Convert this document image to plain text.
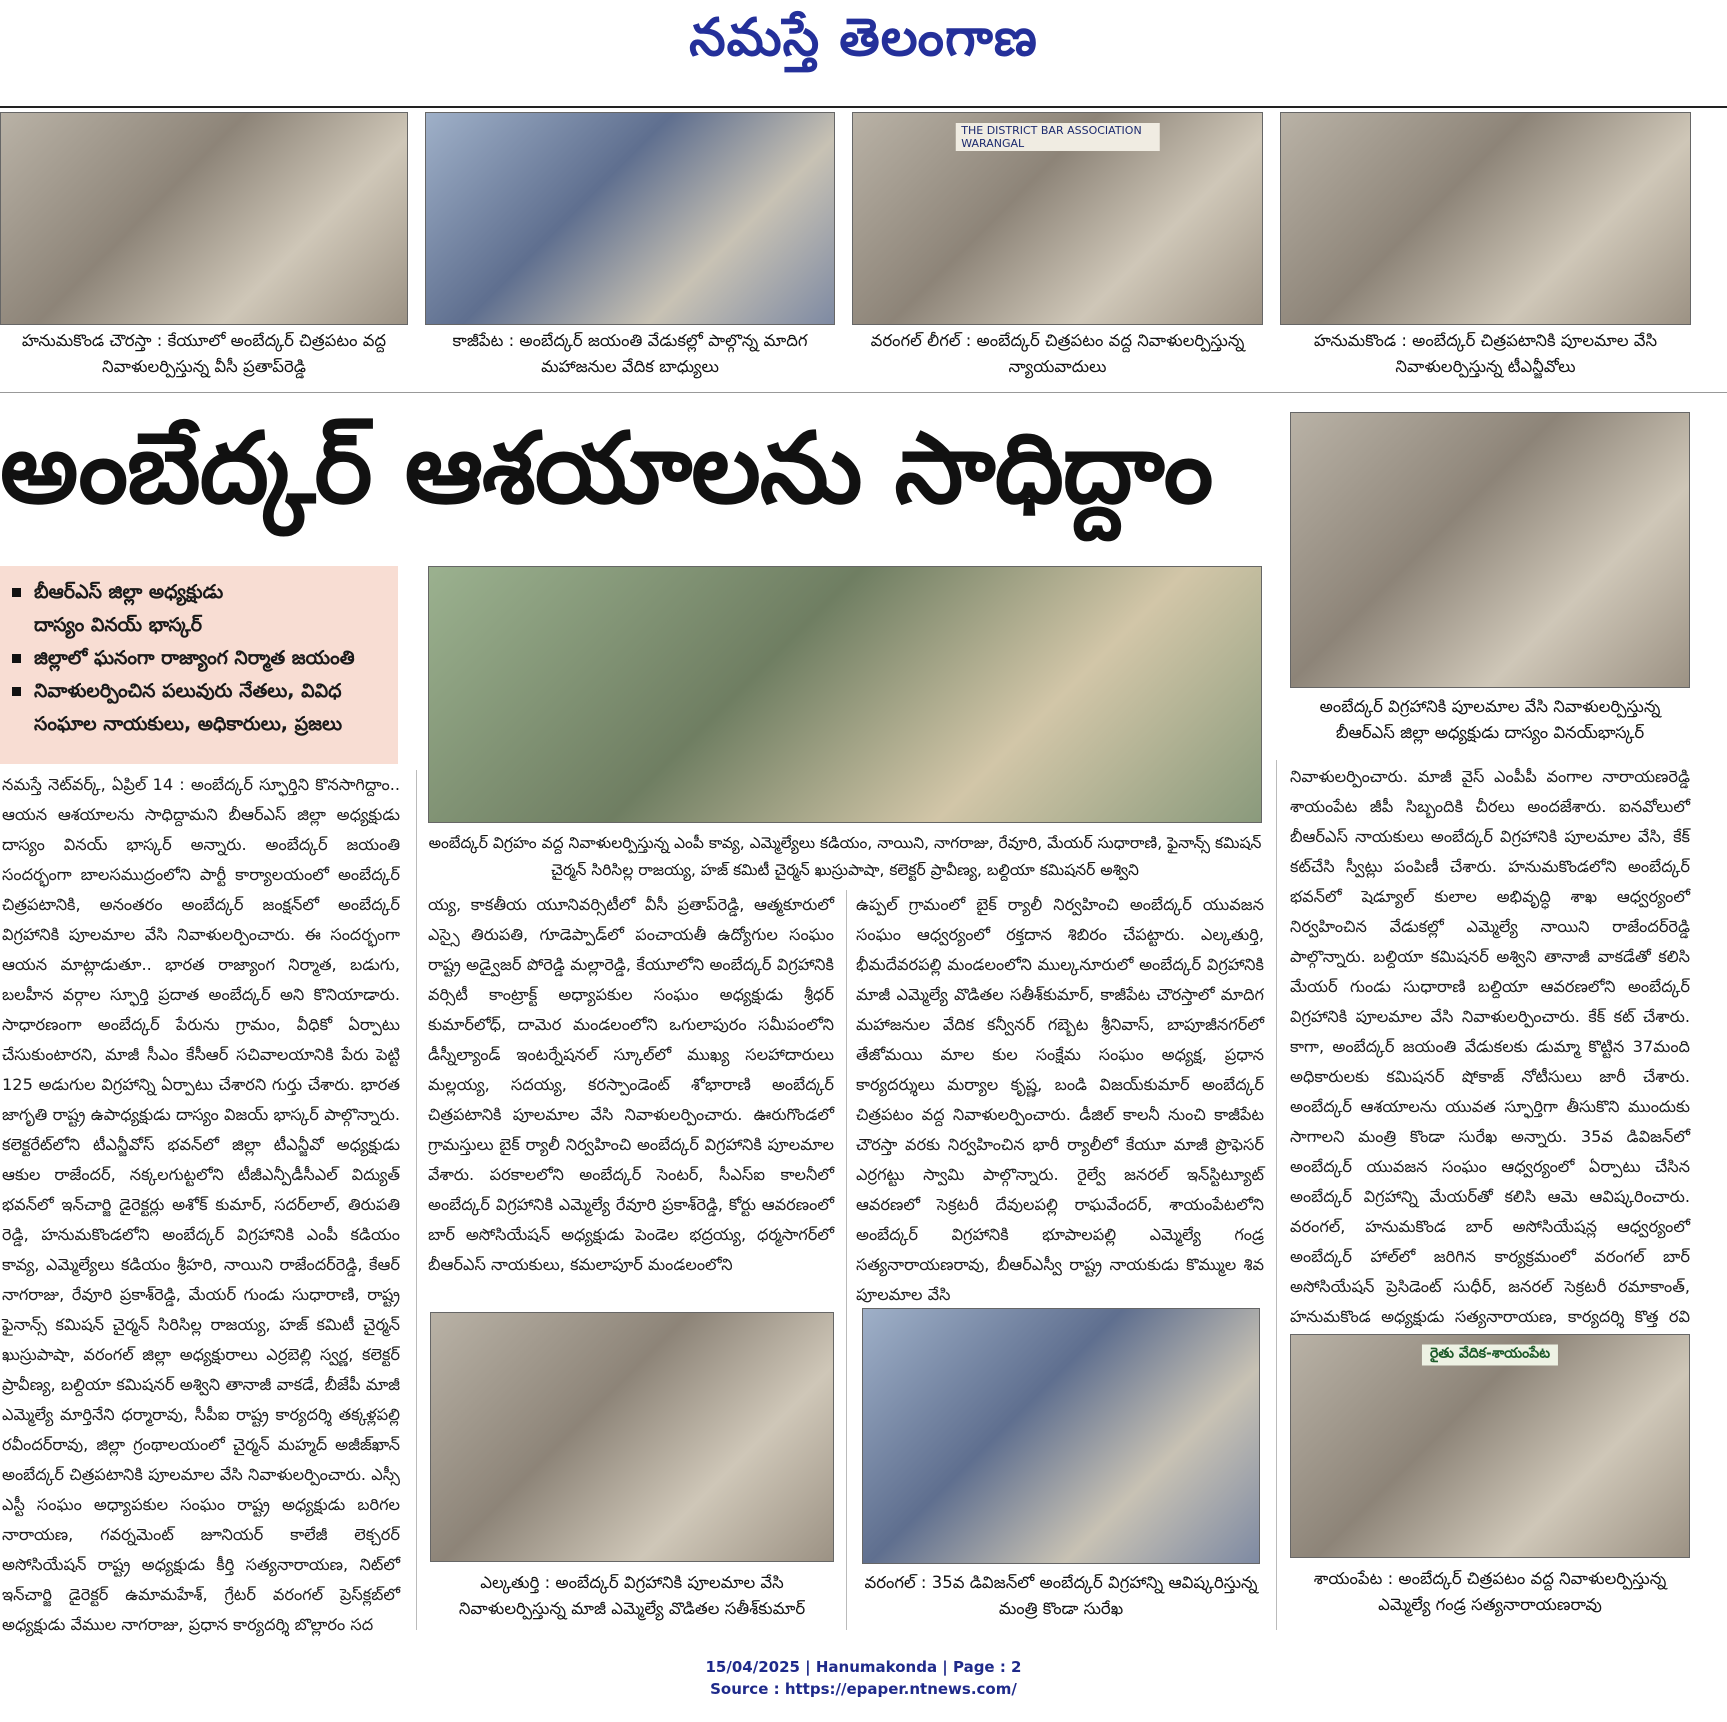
నమస్తే తెలంగాణ
THE DISTRICT BAR ASSOCIATION WARANGAL
హనుమకొండ చౌరస్తా : కేయూలో అంబేద్కర్ చిత్రపటం వద్ద నివాళులర్పిస్తున్న వీసీ ప్రతాప్‌రెడ్డి
కాజీపేట : అంబేద్కర్ జయంతి వేడుకల్లో పాల్గొన్న మాదిగ మహాజనుల వేదిక బాధ్యులు
వరంగల్ లీగల్ : అంబేద్కర్ చిత్రపటం వద్ద నివాళులర్పిస్తున్న న్యాయవాదులు
హనుమకొండ : అంబేద్కర్ చిత్రపటానికి పూలమాల వేసి నివాళులర్పిస్తున్న టీఎన్జీవోలు
అంబేద్కర్ ఆశయాలను సాధిద్దాం
బీఆర్ఎస్ జిల్లా అధ్యక్షుడు
దాస్యం వినయ్ భాస్కర్
జిల్లాలో ఘనంగా రాజ్యాంగ నిర్మాత జయంతి
నివాళులర్పించిన పలువురు నేతలు, వివిధ
సంఘాల నాయకులు, అధికారులు, ప్రజలు
అంబేద్కర్ విగ్రహం వద్ద నివాళులర్పిస్తున్న ఎంపీ కావ్య, ఎమ్మెల్యేలు కడియం, నాయిని, నాగరాజు, రేవూరి, మేయర్ సుధారాణి, ఫైనాన్స్ కమిషన్ చైర్మన్ సిరిసిల్ల రాజయ్య, హజ్ కమిటీ చైర్మన్ ఖుస్రుపాషా, కలెక్టర్ ప్రావీణ్య, బల్దియా కమిషనర్ అశ్విని
అంబేద్కర్ విగ్రహానికి పూలమాల వేసి నివాళులర్పిస్తున్న బీఆర్ఎస్ జిల్లా అధ్యక్షుడు దాస్యం వినయ్‌భాస్కర్

నమస్తే నెట్‌వర్క్, ఏప్రిల్ 14 : అంబేద్కర్ స్ఫూర్తిని కొనసాగిద్దాం.. ఆయన ఆశయాలను సాధిద్దామని బీఆర్ఎస్ జిల్లా అధ్యక్షుడు దాస్యం వినయ్ భాస్కర్ అన్నారు. అంబేద్కర్ జయంతి సందర్భంగా బాలసముద్రంలోని పార్టీ కార్యాలయంలో అంబేద్కర్ చిత్రపటానికి, అనంతరం అంబేద్కర్ జంక్షన్‌లో అంబేద్కర్ విగ్రహానికి పూలమాల వేసి నివాళులర్పించారు. ఈ సందర్భంగా ఆయన మాట్లాడుతూ.. భారత రాజ్యాంగ నిర్మాత, బడుగు, బలహీన వర్గాల స్ఫూర్తి ప్రదాత అంబేద్కర్ అని కొనియాడారు. సాధారణంగా అంబేద్కర్ పేరును గ్రామం, వీధికో ఏర్పాటు చేసుకుంటారని, మాజీ సీఎం కేసీఆర్ సచివాలయానికి పేరు పెట్టి 125 అడుగుల విగ్రహాన్ని ఏర్పాటు చేశారని గుర్తు చేశారు. భారత జాగృతి రాష్ట్ర ఉపాధ్యక్షుడు దాస్యం విజయ్ భాస్కర్ పాల్గొన్నారు. కలెక్టరేట్‌లోని టీఎన్జీవోస్ భవన్‌లో జిల్లా టీఎన్జీవో అధ్యక్షుడు ఆకుల రాజేందర్, నక్కలగుట్టలోని టీజీఎన్పీడీసీఎల్ విద్యుత్ భవన్‌లో ఇన్‌చార్జి డైరెక్టర్లు అశోక్ కుమార్, సదర్‌లాల్, తిరుపతి రెడ్డి, హనుమకొండలోని అంబేద్కర్ విగ్రహానికి ఎంపీ కడియం కావ్య, ఎమ్మెల్యేలు కడియం శ్రీహరి, నాయిని రాజేందర్‌రెడ్డి, కేఆర్ నాగరాజు, రేవూరి ప్రకాశ్‌రెడ్డి, మేయర్ గుండు సుధారాణి, రాష్ట్ర ఫైనాన్స్ కమిషన్ చైర్మన్ సిరిసిల్ల రాజయ్య, హజ్ కమిటీ చైర్మన్ ఖుస్రుపాషా, వరంగల్ జిల్లా అధ్యక్షురాలు ఎర్రబెల్లి స్వర్ణ, కలెక్టర్ ప్రావీణ్య, బల్దియా కమిషనర్ అశ్విని తానాజీ వాకడే, బీజేపీ మాజీ ఎమ్మెల్యే మార్తినేని ధర్మారావు, సీపీఐ రాష్ట్ర కార్యదర్శి తక్కళ్లపల్లి రవీందర్‌రావు, జిల్లా గ్రంథాలయంలో చైర్మన్ మహ్మద్ అజీజ్‌ఖాన్ అంబేద్కర్ చిత్రపటానికి పూలమాల వేసి నివాళులర్పించారు. ఎస్సీ ఎస్టీ సంఘం అధ్యాపకుల సంఘం రాష్ట్ర అధ్యక్షుడు బరిగల నారాయణ, గవర్నమెంట్ జూనియర్ కాలేజీ లెక్చరర్ అసోసియేషన్ రాష్ట్ర అధ్యక్షుడు కీర్తి సత్యనారాయణ, నిట్‌లో ఇన్‌చార్జి డైరెక్టర్ ఉమామహేశ్, గ్రేటర్ వరంగల్ ప్రెస్‌క్లబ్‌లో అధ్యక్షుడు వేముల నాగరాజు, ప్రధాన కార్యదర్శి బొల్లారం సద

య్య, కాకతీయ యూనివర్సిటీలో వీసీ ప్రతాప్‌రెడ్డి, ఆత్మకూరులో ఎస్సై తిరుపతి, గూడెప్పాడ్‌లో పంచాయతీ ఉద్యోగుల సంఘం రాష్ట్ర అడ్వైజర్ పోరెడ్డి మల్లారెడ్డి, కేయూలోని అంబేద్కర్ విగ్రహానికి వర్సిటీ కాంట్రాక్ట్ అధ్యాపకుల సంఘం అధ్యక్షుడు శ్రీధర్ కుమార్‌లోధ్, దామెర మండలంలోని ఒగులాపురం సమీపంలోని డీస్నీల్యాండ్ ఇంటర్నేషనల్ స్కూల్‌లో ముఖ్య సలహాదారులు మల్లయ్య, సదయ్య, కరస్పాండెంట్ శోభారాణి అంబేద్కర్ చిత్రపటానికి పూలమాల వేసి నివాళులర్పించారు. ఊరుగొండలో గ్రామస్తులు బైక్ ర్యాలీ నిర్వహించి అంబేద్కర్ విగ్రహానికి పూలమాల వేశారు. పరకాలలోని అంబేద్కర్ సెంటర్, సీఎస్ఐ కాలనీలో అంబేద్కర్ విగ్రహానికి ఎమ్మెల్యే రేవూరి ప్రకాశ్‌రెడ్డి, కోర్టు ఆవరణంలో బార్ అసోసియేషన్ అధ్యక్షుడు పెండెల భద్రయ్య, ధర్మసాగర్‌లో బీఆర్ఎస్ నాయకులు, కమలాపూర్ మండలంలోని

ఉప్పల్ గ్రామంలో బైక్ ర్యాలీ నిర్వహించి అంబేద్కర్ యువజన సంఘం ఆధ్వర్యంలో రక్తదాన శిబిరం చేపట్టారు. ఎల్కతుర్తి, భీమదేవరపల్లి మండలంలోని ముల్కనూరులో అంబేద్కర్ విగ్రహానికి మాజీ ఎమ్మెల్యే వొడితల సతీశ్‌కుమార్, కాజీపేట చౌరస్తాలో మాదిగ మహాజనుల వేదిక కన్వీనర్ గబ్బెట శ్రీనివాస్, బాపూజీనగర్‌లో తేజోమయి మాల కుల సంక్షేమ సంఘం అధ్యక్ష, ప్రధాన కార్యదర్శులు మర్యాల కృష్ణ, బండి విజయ్‌కుమార్ అంబేద్కర్ చిత్రపటం వద్ద నివాళులర్పించారు. డీజిల్ కాలనీ నుంచి కాజీపేట చౌరస్తా వరకు నిర్వహించిన భారీ ర్యాలీలో కేయూ మాజీ ప్రొఫెసర్ ఎర్రగట్టు స్వామి పాల్గొన్నారు. రైల్వే జనరల్ ఇన్‌స్టిట్యూట్ ఆవరణలో సెక్రటరీ దేవులపల్లి రాఘవేందర్, శాయంపేటలోని అంబేద్కర్ విగ్రహానికి భూపాలపల్లి ఎమ్మెల్యే గండ్ర సత్యనారాయణరావు, బీఆర్ఎస్వీ రాష్ట్ర నాయకుడు కొమ్ముల శివ పూలమాల వేసి

నివాళులర్పించారు. మాజీ వైస్ ఎంపీపీ వంగాల నారాయణరెడ్డి శాయంపేట జీపీ సిబ్బందికి చీరలు అందజేశారు. ఐనవోలులో బీఆర్ఎస్ నాయకులు అంబేద్కర్ విగ్రహానికి పూలమాల వేసి, కేక్ కట్‌చేసి స్వీట్లు పంపిణీ చేశారు. హనుమకొండలోని అంబేద్కర్ భవన్‌లో షెడ్యూల్ కులాల అభివృద్ధి శాఖ ఆధ్వర్యంలో నిర్వహించిన వేడుకల్లో ఎమ్మెల్యే నాయిని రాజేందర్‌రెడ్డి పాల్గొన్నారు. బల్దియా కమిషనర్ అశ్విని తానాజీ వాకడేతో కలిసి మేయర్ గుండు సుధారాణి బల్దియా ఆవరణలోని అంబేద్కర్ విగ్రహానికి పూలమాల వేసి నివాళులర్పించారు. కేక్ కట్ చేశారు. కాగా, అంబేద్కర్ జయంతి వేడుకలకు డుమ్మా కొట్టిన 37మంది అధికారులకు కమిషనర్ షోకాజ్ నోటీసులు జారీ చేశారు. అంబేద్కర్ ఆశయాలను యువత స్ఫూర్తిగా తీసుకొని ముందుకు సాగాలని మంత్రి కొండా సురేఖ అన్నారు. 35వ డివిజన్‌లో అంబేద్కర్ యువజన సంఘం ఆధ్వర్యంలో ఏర్పాటు చేసిన అంబేద్కర్ విగ్రహాన్ని మేయర్‌తో కలిసి ఆమె ఆవిష్కరించారు. వరంగల్, హనుమకొండ బార్ అసోసియేషన్ల ఆధ్వర్యంలో అంబేద్కర్ హాల్‌లో జరిగిన కార్యక్రమంలో వరంగల్ బార్ అసోసియేషన్ ప్రెసిడెంట్ సుధీర్, జనరల్ సెక్రటరీ రమాకాంత్, హనుమకొండ అధ్యక్షుడు సత్యనారాయణ, కార్యదర్శి కొత్త రవి

ఎల్కతుర్తి : అంబేద్కర్ విగ్రహానికి పూలమాల వేసి నివాళులర్పిస్తున్న మాజీ ఎమ్మెల్యే వొడితల సతీశ్‌కుమార్
వరంగల్ : 35వ డివిజన్‌లో అంబేద్కర్ విగ్రహాన్ని ఆవిష్కరిస్తున్న మంత్రి కొండా సురేఖ
రైతు వేదిక-శాయంపేట
శాయంపేట : అంబేద్కర్ చిత్రపటం వద్ద నివాళులర్పిస్తున్న ఎమ్మెల్యే గండ్ర సత్యనారాయణరావు
15/04/2025 | Hanumakonda | Page : 2
Source : https://epaper.ntnews.com/
